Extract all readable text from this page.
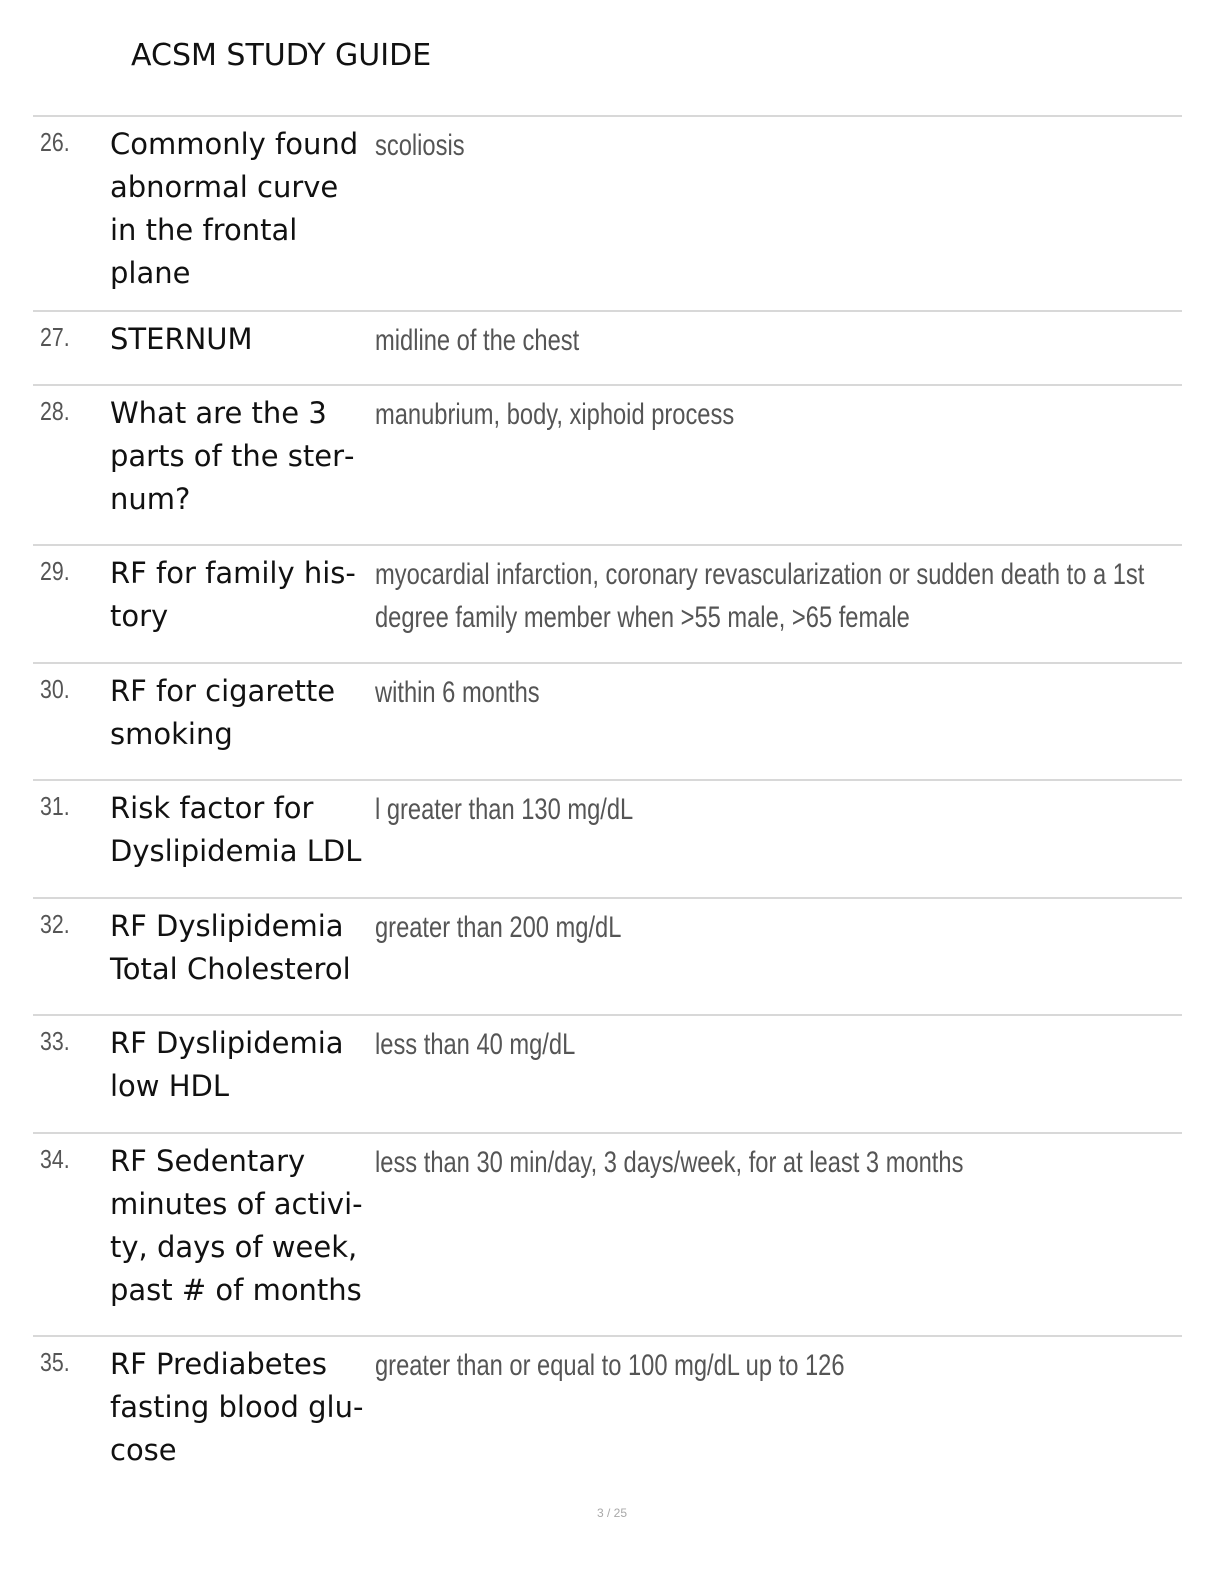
ACSM STUDY GUIDE
26. Commonly found abnormal curve in the frontal plane
scoliosis
27. STERNUM	midline of the chest
28. What are the 3 parts of the sternum?
manubrium, body, xiphoid process
29. RF for family history
myocardial infarction, coronary revascularization or sudden death to a 1st degree family member when >55 male, >65 female
30. RF for cigarette smoking
within 6 months
31. Risk factor for Dyslipidemia LDL
l greater than 130 mg/dL
32. RF Dyslipidemia Total Cholesterol
greater than 200 mg/dL
33. RF Dyslipidemia low HDL
less than 40 mg/dL
34. RF Sedentary minutes of activity, days of week, past # of months
less than 30 min/day, 3 days/week, for at least 3 months
35. RF Prediabetes fasting blood glucose
greater than or equal to 100 mg/dL up to 126
3 / 25
